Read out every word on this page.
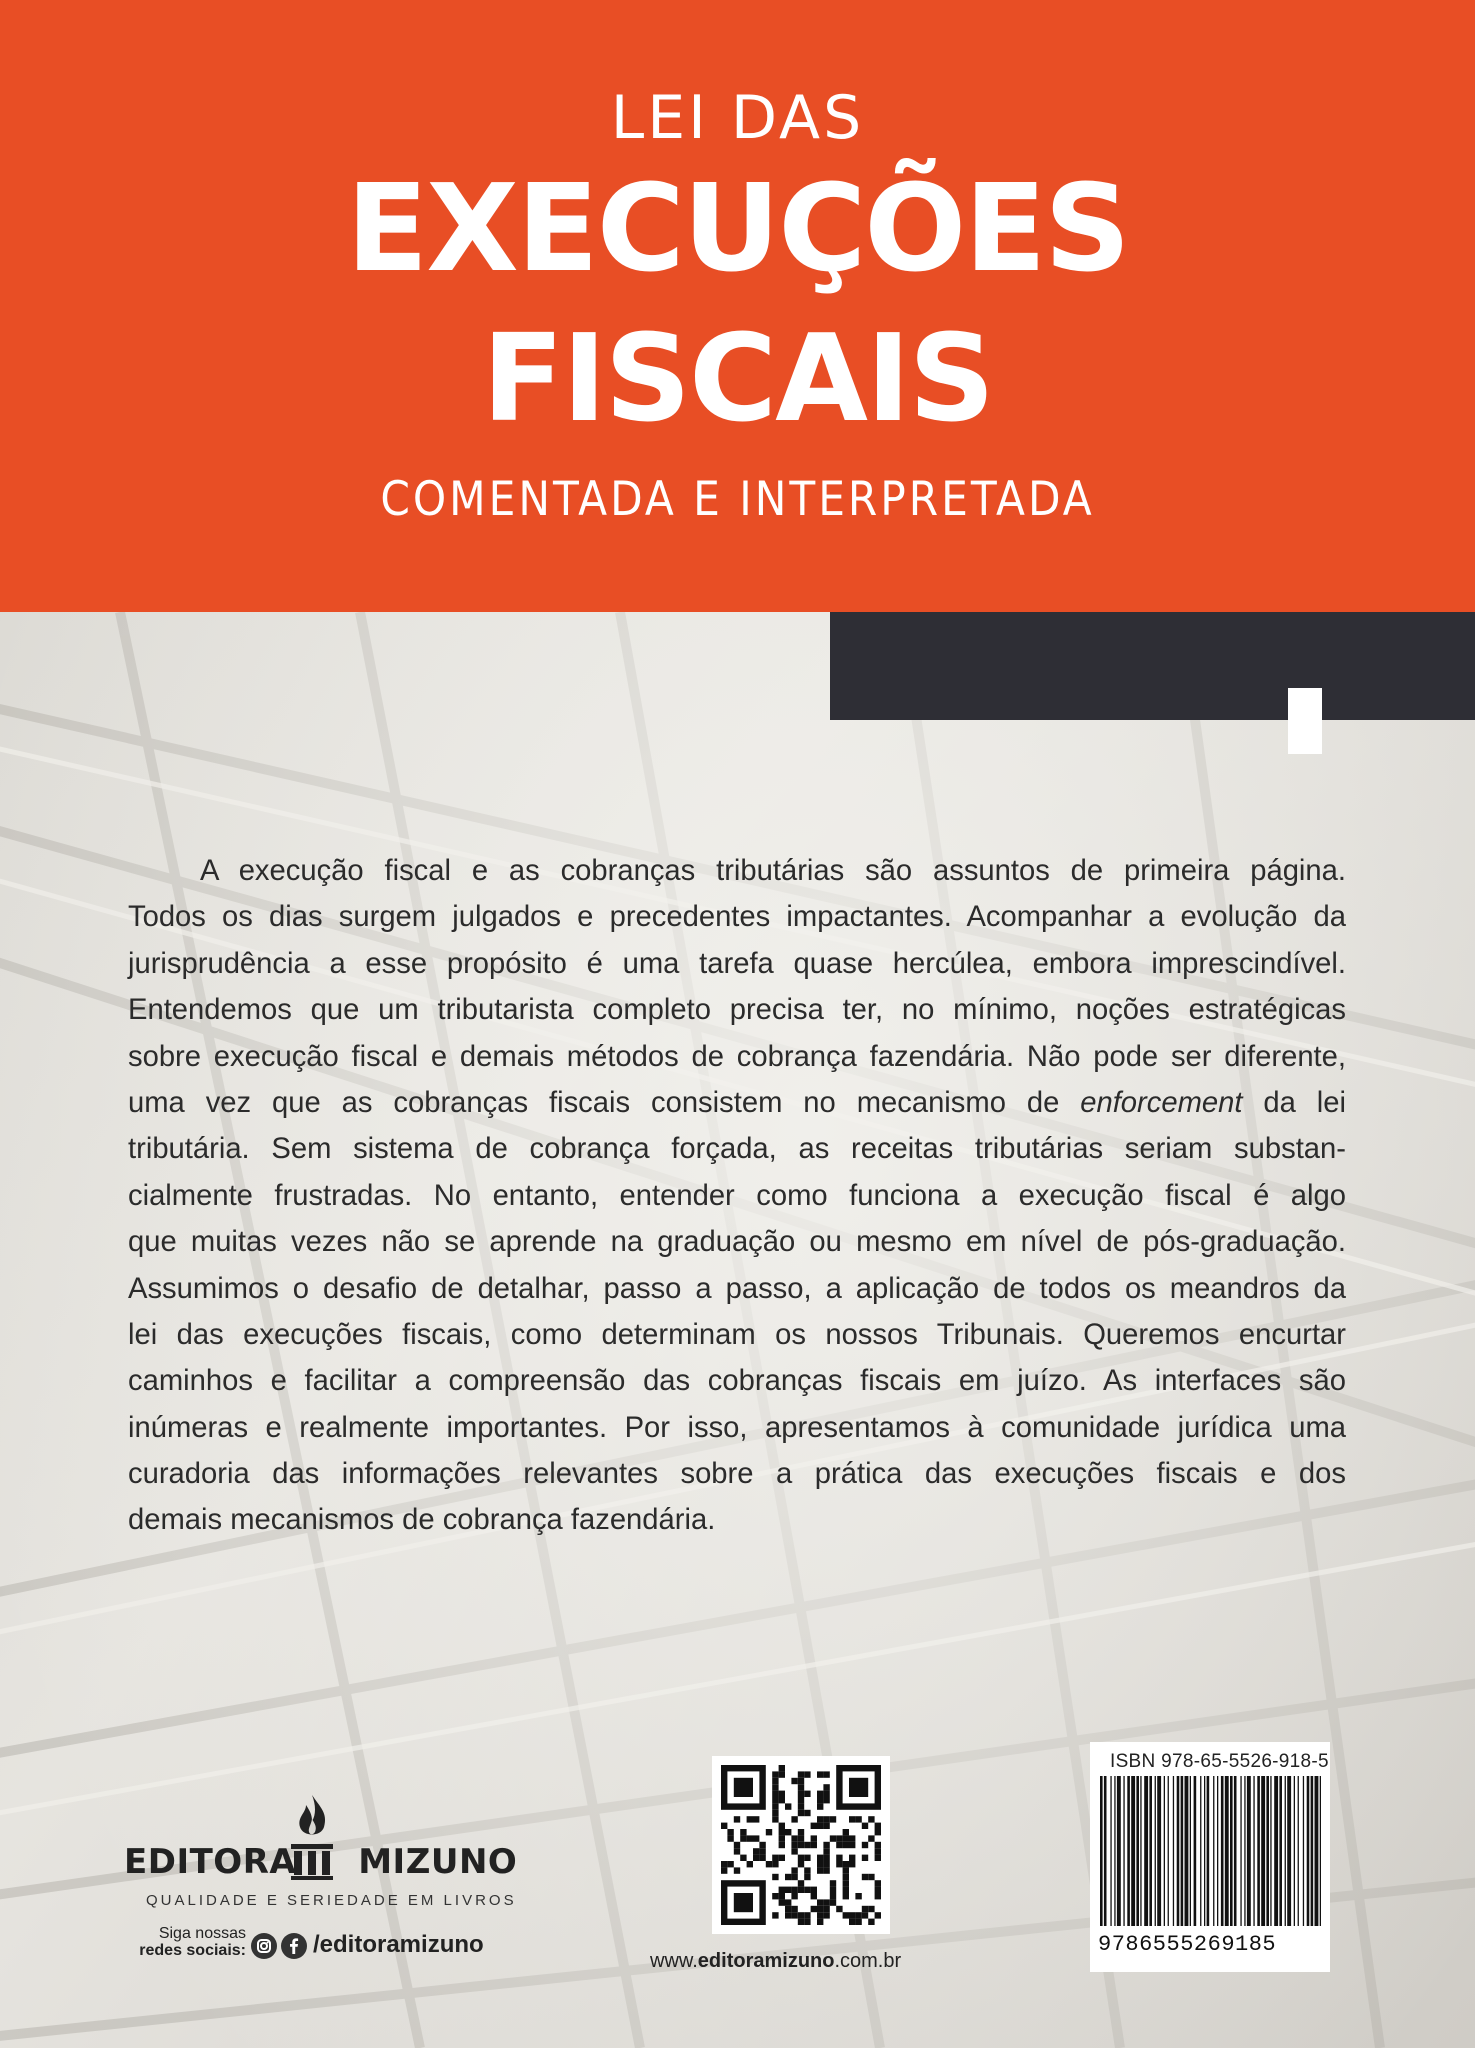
LEI DAS
EXECUÇÕES
FISCAIS
COMENTADA E INTERPRETADA
A execução fiscal e as cobranças tributárias são assuntos de primeira página.
Todos os dias surgem julgados e precedentes impactantes. Acompanhar a evolução da
jurisprudência a esse propósito é uma tarefa quase hercúlea, embora imprescindível.
Entendemos que um tributarista completo precisa ter, no mínimo, noções estratégicas
sobre execução fiscal e demais métodos de cobrança fazendária. Não pode ser diferente,
uma vez que as cobranças fiscais consistem no mecanismo de enforcement da lei
tributária. Sem sistema de cobrança forçada, as receitas tributárias seriam substan-
cialmente frustradas. No entanto, entender como funciona a execução fiscal é algo
que muitas vezes não se aprende na graduação ou mesmo em nível de pós-graduação.
Assumimos o desafio de detalhar, passo a passo, a aplicação de todos os meandros da
lei das execuções fiscais, como determinam os nossos Tribunais. Queremos encurtar
caminhos e facilitar a compreensão das cobranças fiscais em juízo. As interfaces são
inúmeras e realmente importantes. Por isso, apresentamos à comunidade jurídica uma
curadoria das informações relevantes sobre a prática das execuções fiscais e dos
demais mecanismos de cobrança fazendária.
EDITORA MIZUNO
QUALIDADE E SERIEDADE EM LIVROS
Siga nossas
redes sociais:	/editoramizuno
www.editoramizuno.com.br
ISBN 978-65-5526-918-5
9786555269185
